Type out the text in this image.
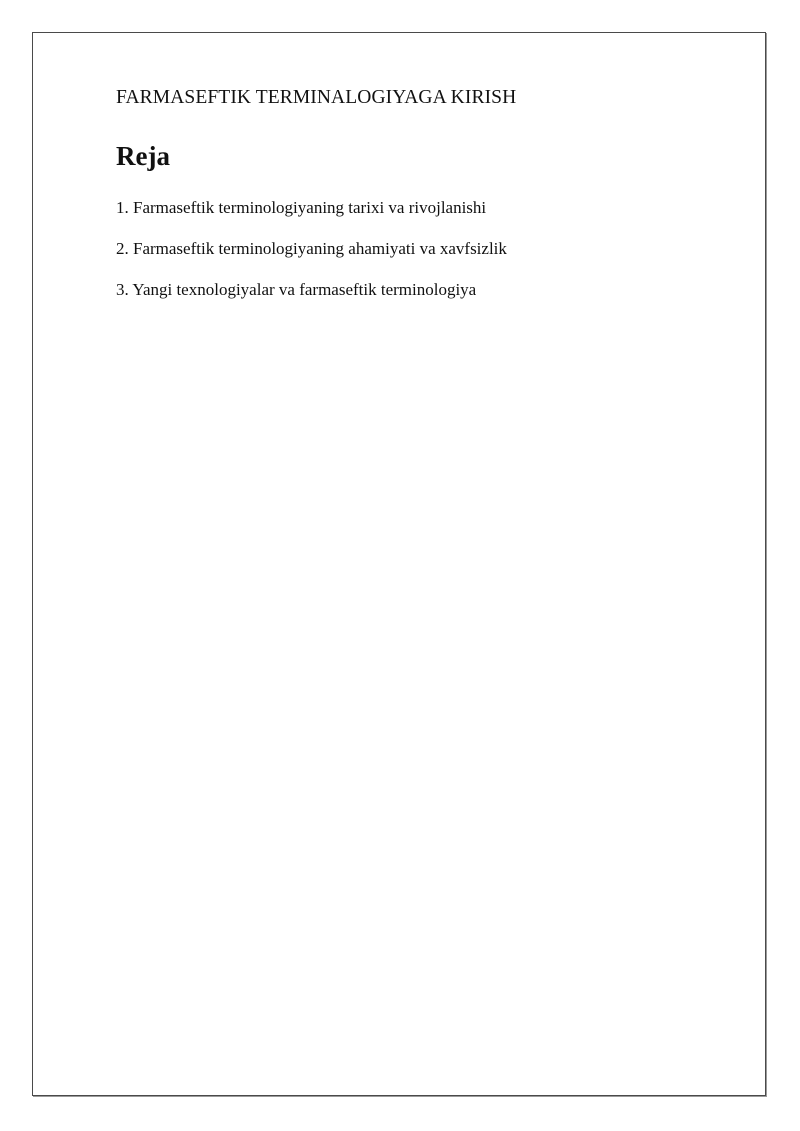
FARMASEFTIK TERMINALOGIYAGA KIRISH

Reja
1. Farmaseftik terminologiyaning tarixi va rivojlanishi
2. Farmaseftik terminologiyaning ahamiyati va xavfsizlik
3. Yangi texnologiyalar va farmaseftik terminologiya
